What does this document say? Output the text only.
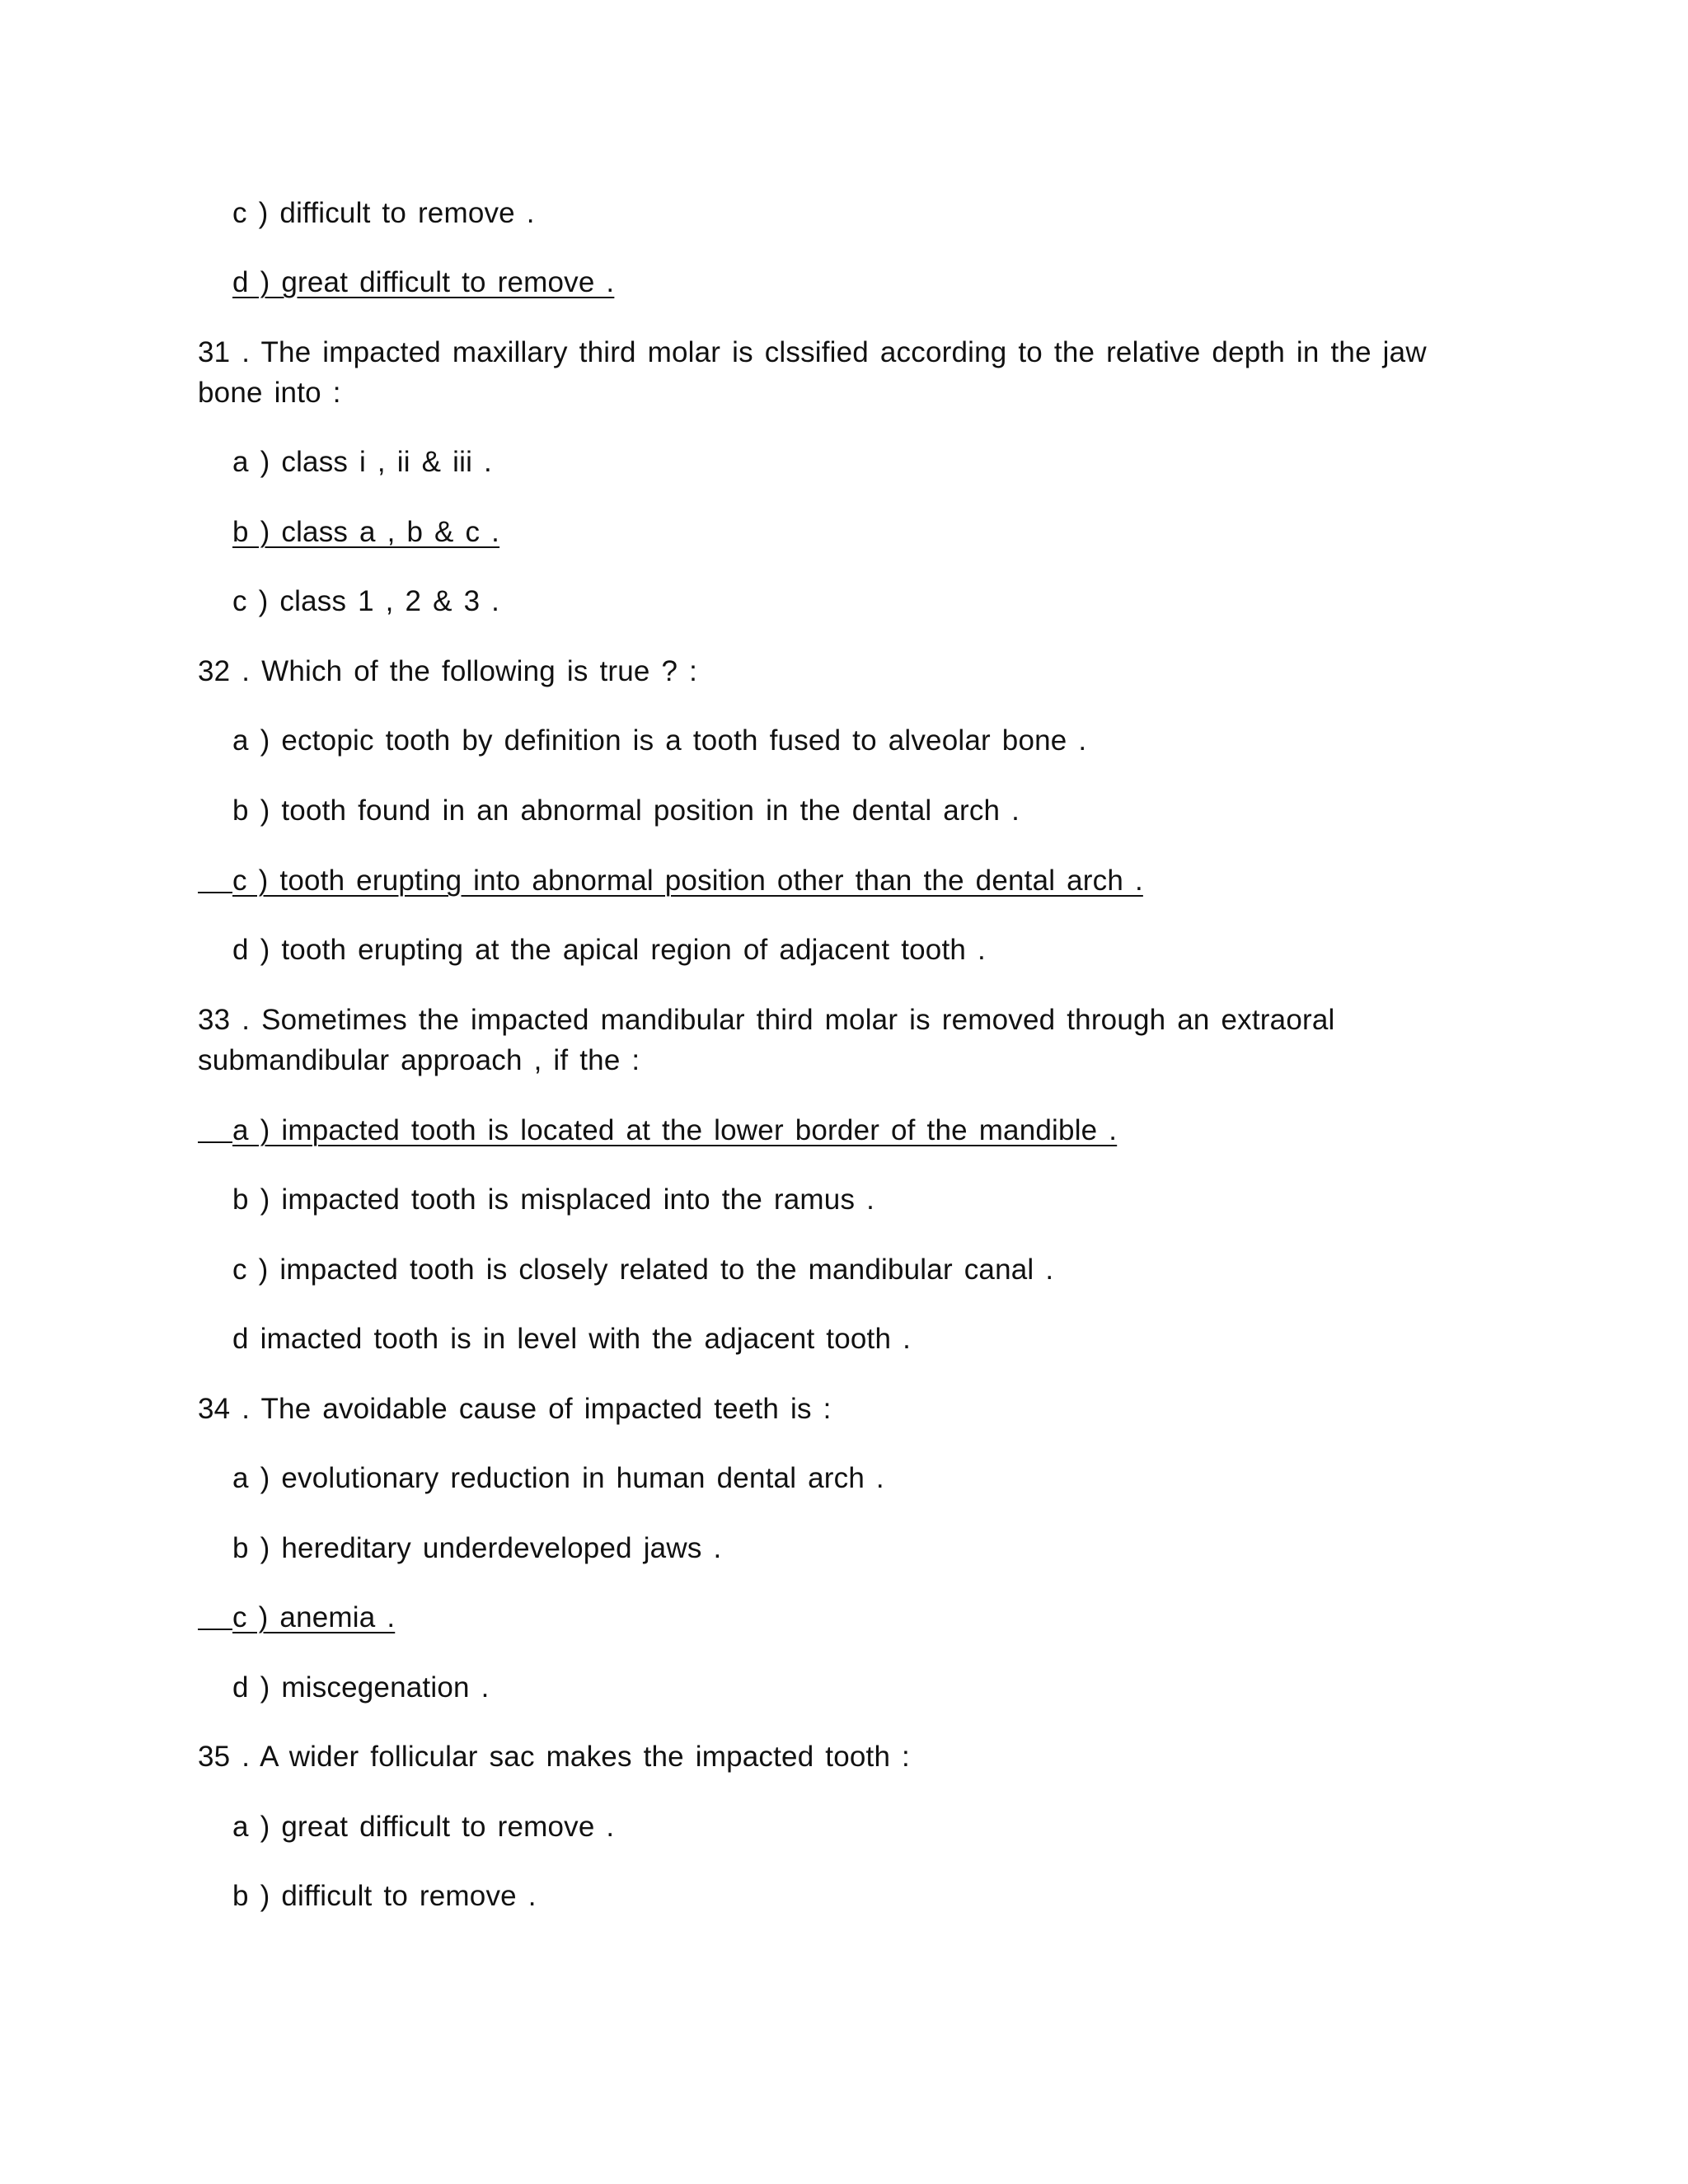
c ) difficult to remove .
d ) great difficult to remove .
31 . The impacted maxillary third molar is clssified according to the relative depth in the jaw
bone into :
a ) class i , ii & iii .
b ) class a , b & c .
c ) class 1 , 2 & 3 .
32 . Which of the following is true ? :
a ) ectopic tooth by definition is a tooth fused to alveolar bone .
b ) tooth found in an abnormal position in the dental arch .
c ) tooth erupting into abnormal position other than the dental arch .
d ) tooth erupting at the apical region of adjacent tooth .
33 . Sometimes the impacted mandibular third molar is removed through an extraoral
submandibular approach , if the :
a ) impacted tooth is located at the lower border of the mandible .
b ) impacted tooth is misplaced into the ramus .
c ) impacted tooth is closely related to the mandibular canal .
d imacted tooth is in level with the adjacent tooth .
34 . The avoidable cause of impacted teeth is :
a ) evolutionary reduction in human dental arch .
b ) hereditary underdeveloped jaws .
c ) anemia .
d ) miscegenation .
35 . A wider follicular sac makes the impacted tooth :
a ) great difficult to remove .
b ) difficult to remove .
